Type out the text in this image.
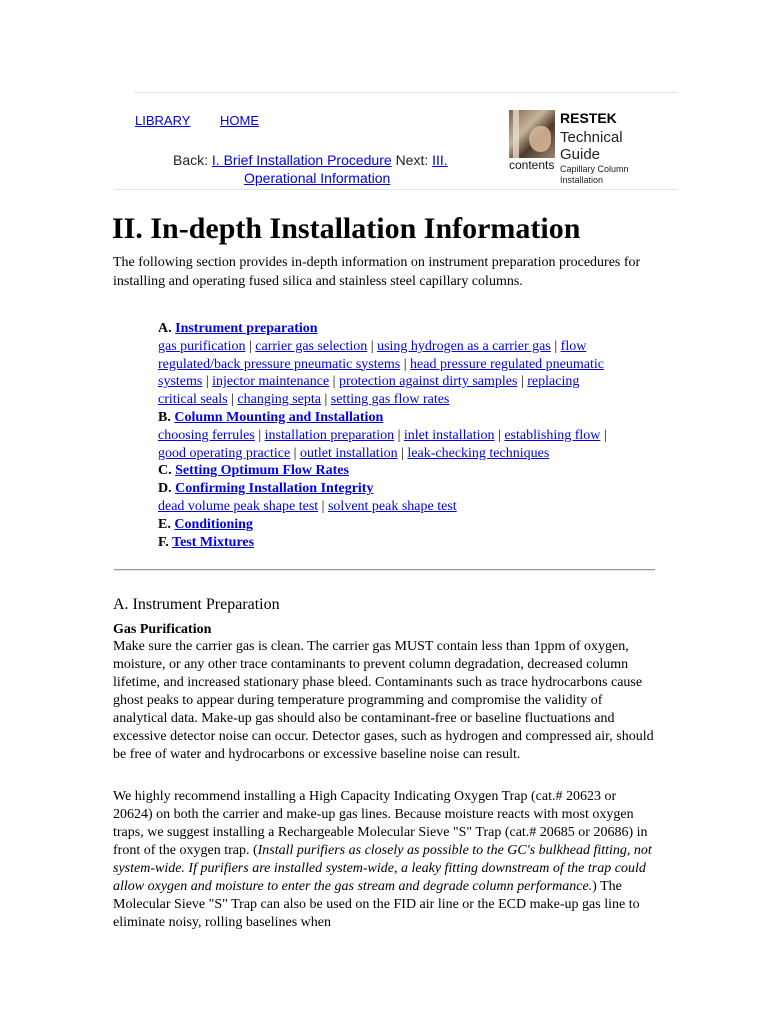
LIBRARY HOME
Back: I. Brief Installation Procedure Next: III.
Operational Information
contents
RESTEK
Technical
Guide
Capillary Column Installation
II. In-depth Installation Information

The following section provides in-depth information on instrument preparation procedures for installing and operating fused silica and stainless steel capillary columns.

A. Instrument preparation
gas purification | carrier gas selection | using hydrogen as a carrier gas | flow regulated/back pressure pneumatic systems | head pressure regulated pneumatic systems | injector maintenance | protection against dirty samples | replacing critical seals | changing septa | setting gas flow rates
B. Column Mounting and Installation
choosing ferrules | installation preparation | inlet installation | establishing flow | good operating practice | outlet installation | leak-checking techniques
C. Setting Optimum Flow Rates
D. Confirming Installation Integrity
dead volume peak shape test | solvent peak shape test
E. Conditioning
F. Test Mixtures
A. Instrument Preparation
Gas Purification

Make sure the carrier gas is clean. The carrier gas MUST contain less than 1ppm of oxygen, moisture, or any other trace contaminants to prevent column degradation, decreased column lifetime, and increased stationary phase bleed. Contaminants such as trace hydrocarbons cause ghost peaks to appear during temperature programming and compromise the validity of analytical data. Make-up gas should also be contaminant-free or baseline fluctuations and excessive detector noise can occur. Detector gases, such as hydrogen and compressed air, should be free of water and hydrocarbons or excessive baseline noise can result.

We highly recommend installing a High Capacity Indicating Oxygen Trap (cat.# 20623 or 20624) on both the carrier and make-up gas lines. Because moisture reacts with most oxygen traps, we suggest installing a Rechargeable Molecular Sieve "S" Trap (cat.# 20685 or 20686) in front of the oxygen trap. (Install purifiers as closely as possible to the GC's bulkhead fitting, not system-wide. If purifiers are installed system-wide, a leaky fitting downstream of the trap could allow oxygen and moisture to enter the gas stream and degrade column performance.) The Molecular Sieve "S" Trap can also be used on the FID air line or the ECD make-up gas line to eliminate noisy, rolling baselines when
